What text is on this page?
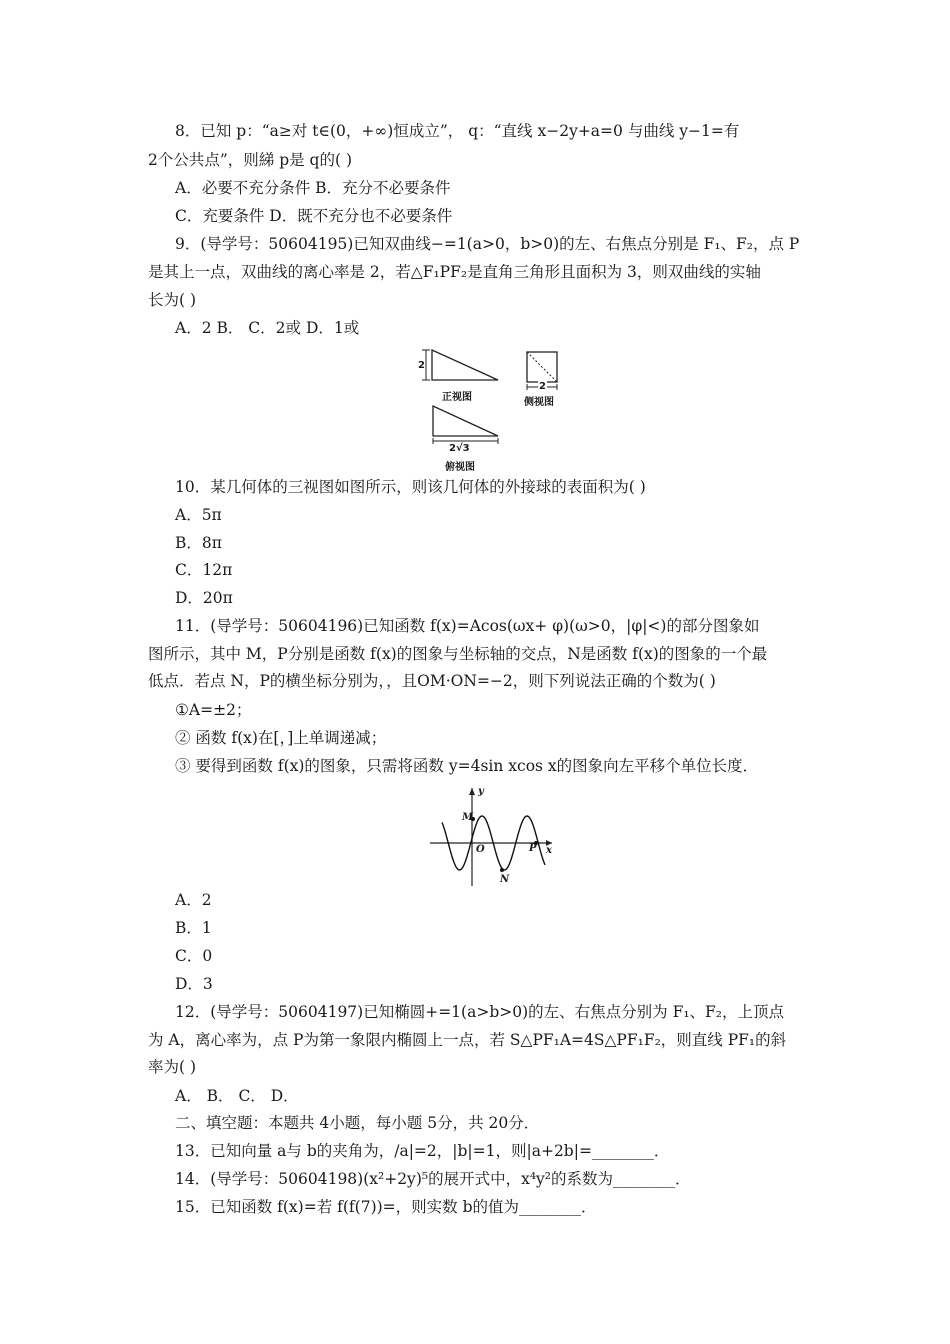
8．已知 p：“a≥对 t∈(0，+∞)恒成立”， q：“直线 x−2y+a=0 与曲线 y−1=有
2个公共点”，则綈 p是 q的( )
A．必要不充分条件 B．充分不必要条件
C．充要条件 D．既不充分也不必要条件
9．(导学号：50604195)已知双曲线−=1(a>0，b>0)的左、右焦点分别是 F₁、F₂，点 P
是其上一点，双曲线的离心率是 2，若△F₁PF₂是直角三角形且面积为 3，则双曲线的实轴
长为( )
A．2 B． C．2或 D．1或
2
正视图
2
侧视图
2√3
俯视图
10．某几何体的三视图如图所示，则该几何体的外接球的表面积为( )
A．5π
B．8π
C．12π
D．20π
11．(导学号：50604196)已知函数 f(x)=Acos(ωx+ φ)(ω>0，|φ|<)的部分图象如
图所示，其中 M，P分别是函数 f(x)的图象与坐标轴的交点，N是函数 f(x)的图象的一个最
低点．若点 N，P的横坐标分别为，，且OM·ON=−2，则下列说法正确的个数为( )
①A=±2；
② 函数 f(x)在[，]上单调递减；
③ 要得到函数 f(x)的图象，只需将函数 y=4sin xcos x的图象向左平移个单位长度．
y
x
O
M
N
P
A．2
B．1
C．0
D．3
12．(导学号：50604197)已知椭圆+=1(a>b>0)的左、右焦点分别为 F₁、F₂，上顶点
为 A，离心率为，点 P为第一象限内椭圆上一点，若 S△PF₁A=4S△PF₁F₂，则直线 PF₁的斜
率为( )
A． B． C． D．
二、填空题：本题共 4小题，每小题 5分，共 20分．
13．已知向量 a与 b的夹角为，/a|=2，|b|=1，则|a+2b|=________．
14．(导学号：50604198)(x²+2y)⁵的展开式中，x⁴y²的系数为________．
15．已知函数 f(x)=若 f(f(7))=，则实数 b的值为________．
